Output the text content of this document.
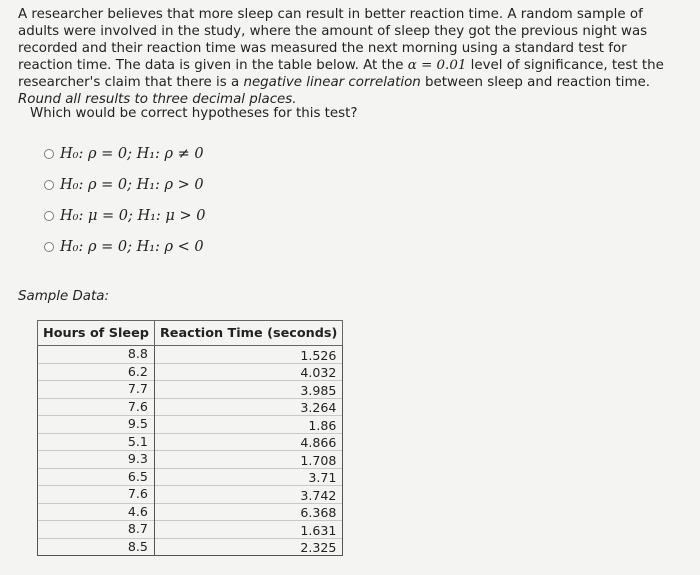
A researcher believes that more sleep can result in better reaction time. A random sample of adults were involved in the study, where the amount of sleep they got the previous night was recorded and their reaction time was measured the next morning using a standard test for reaction time. The data is given in the table below. At the α = 0.01 level of significance, test the researcher's claim that there is a negative linear correlation between sleep and reaction time. Round all results to three decimal places.
Which would be correct hypotheses for this test?
H₀: ρ = 0; H₁: ρ ≠ 0
H₀: ρ = 0; H₁: ρ > 0
H₀: μ = 0; H₁: μ > 0
H₀: ρ = 0; H₁: ρ < 0
Sample Data:
Hours of Sleep	Reaction Time (seconds)
8.8	1.526
6.2	4.032
7.7	3.985
7.6	3.264
9.5	1.86
5.1	4.866
9.3	1.708
6.5	3.71
7.6	3.742
4.6	6.368
8.7	1.631
8.5	2.325
